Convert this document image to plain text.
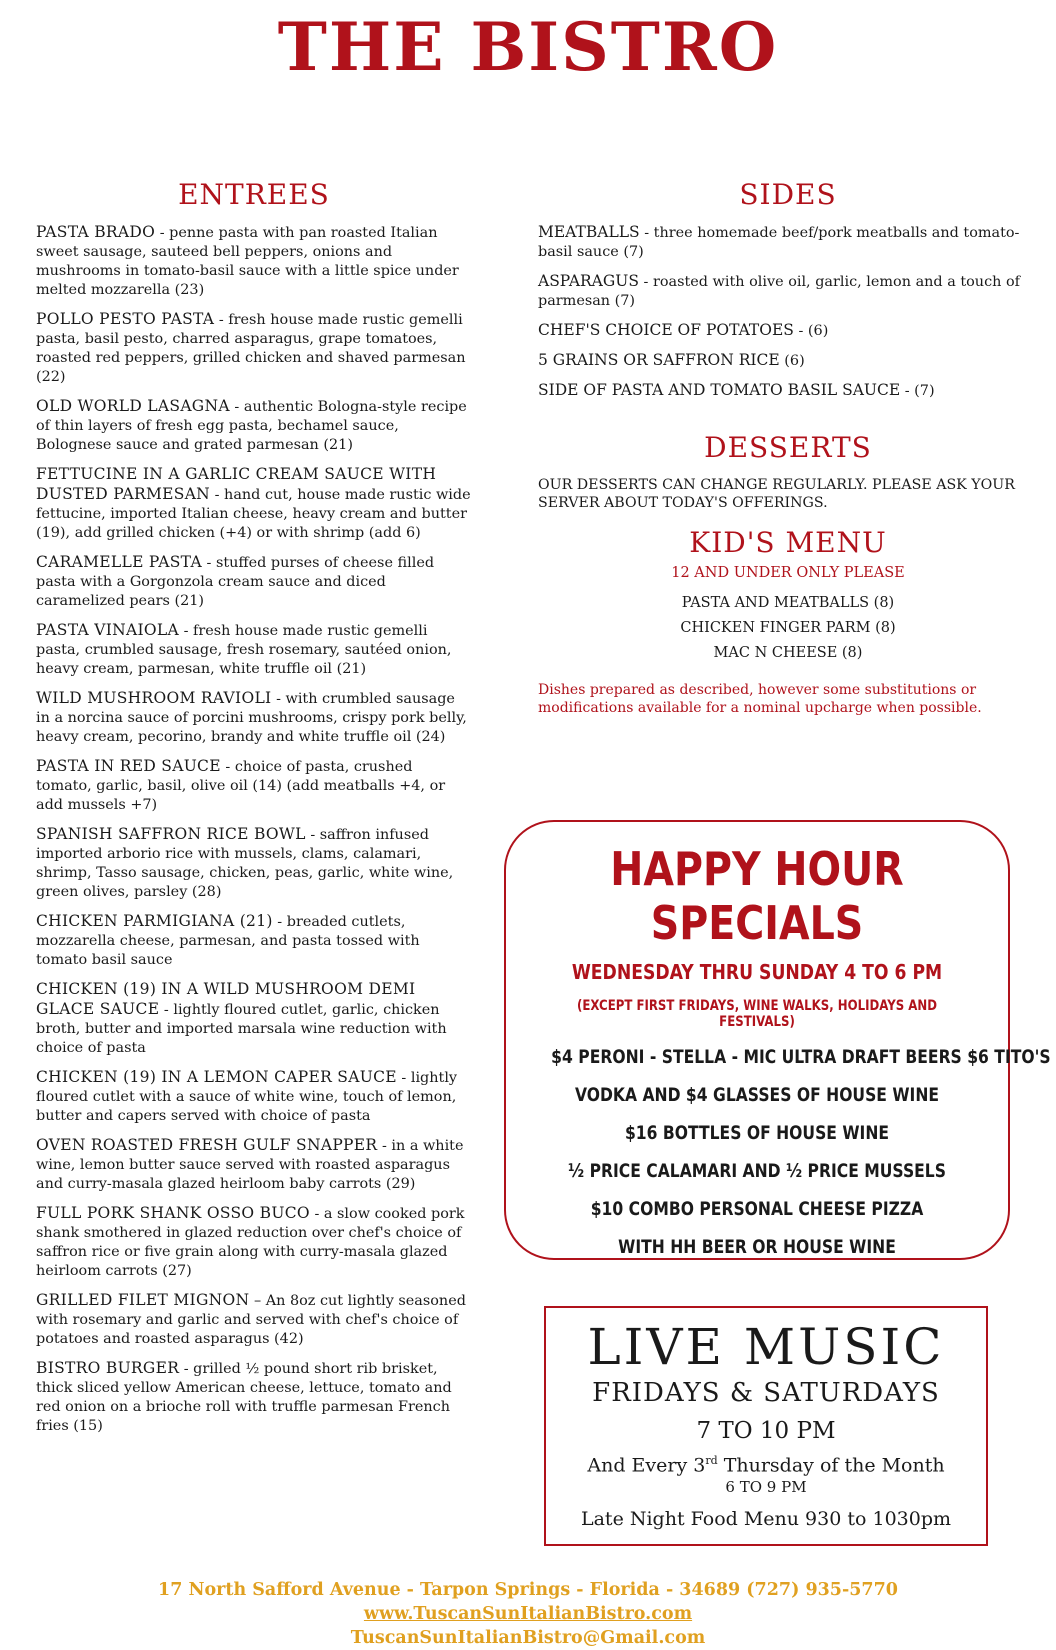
THE BISTRO
ENTREES
PASTA BRADO - penne pasta with pan roasted Italian sweet sausage, sauteed bell peppers, onions and mushrooms in tomato-basil sauce with a little spice under melted mozzarella (23)
POLLO PESTO PASTA - fresh house made rustic gemelli pasta, basil pesto, charred asparagus, grape tomatoes, roasted red peppers, grilled chicken and shaved parmesan (22)
OLD WORLD LASAGNA - authentic Bologna-style recipe of thin layers of fresh egg pasta, bechamel sauce, Bolognese sauce and grated parmesan (21)
FETTUCINE IN A GARLIC CREAM SAUCE WITH DUSTED PARMESAN - hand cut, house made rustic wide fettucine, imported Italian cheese, heavy cream and butter (19), add grilled chicken (+4) or with shrimp (add 6)
CARAMELLE PASTA - stuffed purses of cheese filled pasta with a Gorgonzola cream sauce and diced caramelized pears (21)
PASTA VINAIOLA - fresh house made rustic gemelli pasta, crumbled sausage, fresh rosemary, sautéed onion, heavy cream, parmesan, white truffle oil (21)
WILD MUSHROOM RAVIOLI - with crumbled sausage in a norcina sauce of porcini mushrooms, crispy pork belly, heavy cream, pecorino, brandy and white truffle oil (24)
PASTA IN RED SAUCE - choice of pasta, crushed tomato, garlic, basil, olive oil (14) (add meatballs +4, or add mussels +7)
SPANISH SAFFRON RICE BOWL - saffron infused imported arborio rice with mussels, clams, calamari, shrimp, Tasso sausage, chicken, peas, garlic, white wine, green olives, parsley (28)
CHICKEN PARMIGIANA (21) - breaded cutlets, mozzarella cheese, parmesan, and pasta tossed with tomato basil sauce
CHICKEN (19) IN A WILD MUSHROOM DEMI GLACE SAUCE - lightly floured cutlet, garlic, chicken broth, butter and imported marsala wine reduction with choice of pasta
CHICKEN (19) IN A LEMON CAPER SAUCE - lightly floured cutlet with a sauce of white wine, touch of lemon, butter and capers served with choice of pasta
OVEN ROASTED FRESH GULF SNAPPER - in a white wine, lemon butter sauce served with roasted asparagus and curry-masala glazed heirloom baby carrots (29)
FULL PORK SHANK OSSO BUCO - a slow cooked pork shank smothered in glazed reduction over chef's choice of saffron rice or five grain along with curry-masala glazed heirloom carrots (27)
GRILLED FILET MIGNON – An 8oz cut lightly seasoned with rosemary and garlic and served with chef's choice of potatoes and roasted asparagus (42)
BISTRO BURGER - grilled ½ pound short rib brisket, thick sliced yellow American cheese, lettuce, tomato and red onion on a brioche roll with truffle parmesan French fries (15)
SIDES
MEATBALLS - three homemade beef/pork meatballs and tomato-basil sauce (7)
ASPARAGUS - roasted with olive oil, garlic, lemon and a touch of parmesan (7)
CHEF'S CHOICE OF POTATOES - (6)
5 GRAINS OR SAFFRON RICE (6)
SIDE OF PASTA AND TOMATO BASIL SAUCE - (7)
DESSERTS
OUR DESSERTS CAN CHANGE REGULARLY. PLEASE ASK YOUR SERVER ABOUT TODAY'S OFFERINGS.
KID'S MENU
12 AND UNDER ONLY PLEASE
PASTA AND MEATBALLS (8)
CHICKEN FINGER PARM (8)
MAC N CHEESE (8)
Dishes prepared as described, however some substitutions or modifications available for a nominal upcharge when possible.
HAPPY HOUR SPECIALS
WEDNESDAY THRU SUNDAY 4 TO 6 PM
(EXCEPT FIRST FRIDAYS, WINE WALKS, HOLIDAYS AND FESTIVALS)
$4 PERONI - STELLA - MIC ULTRA DRAFT BEERS $6 TITO'S
VODKA AND $4 GLASSES OF HOUSE WINE
$16 BOTTLES OF HOUSE WINE
½ PRICE CALAMARI AND ½ PRICE MUSSELS
$10 COMBO PERSONAL CHEESE PIZZA
WITH HH BEER OR HOUSE WINE
LIVE MUSIC
FRIDAYS & SATURDAYS
7 TO 10 PM
And Every 3rd Thursday of the Month
6 TO 9 PM
Late Night Food Menu 930 to 1030pm
17 North Safford Avenue - Tarpon Springs - Florida - 34689 (727) 935-5770 www.TuscanSunItalianBistro.com
TuscanSunItalianBistro@Gmail.com
